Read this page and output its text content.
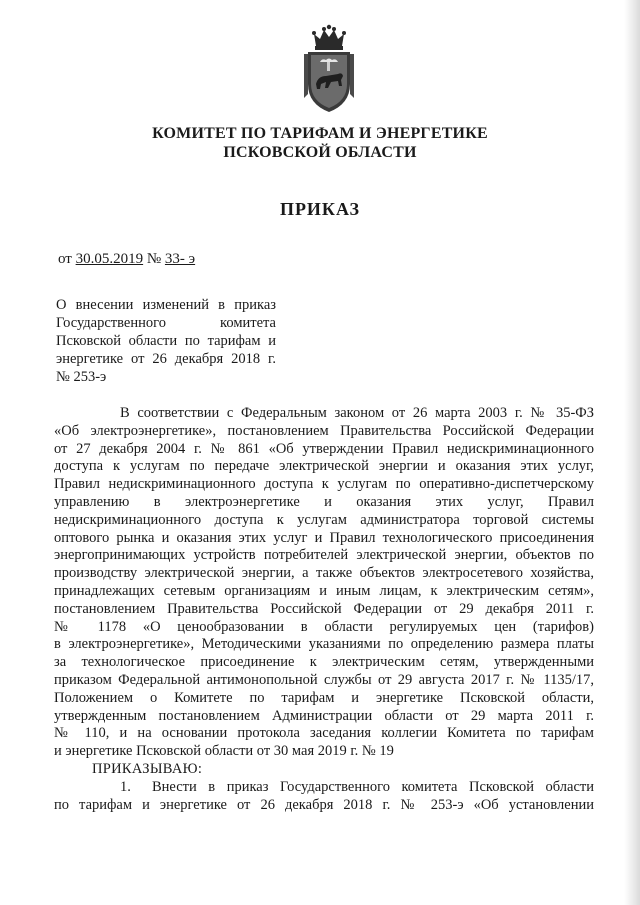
КОМИТЕТ ПО ТАРИФАМ И ЭНЕРГЕТИКЕ
ПСКОВСКОЙ ОБЛАСТИ
ПРИКАЗ
от 30.05.2019 № 33- э
О внесении изменений в приказ
Государственного комитета
Псковской области по тарифам и
энергетике от 26 декабря 2018 г.
№ 253-э
В соответствии с Федеральным законом от 26 марта 2003 г. № 35-ФЗ
«Об электроэнергетике», постановлением Правительства Российской Федерации
от 27 декабря 2004 г. № 861 «Об утверждении Правил недискриминационного
доступа к услугам по передаче электрической энергии и оказания этих услуг,
Правил недискриминационного доступа к услугам по оперативно-диспетчерскому
управлению в электроэнергетике и оказания этих услуг, Правил
недискриминационного доступа к услугам администратора торговой системы
оптового рынка и оказания этих услуг и Правил технологического присоединения
энергопринимающих устройств потребителей электрической энергии, объектов по
производству электрической энергии, а также объектов электросетевого хозяйства,
принадлежащих сетевым организациям и иным лицам, к электрическим сетям»,
постановлением Правительства Российской Федерации от 29 декабря 2011 г.
№ 1178 «О ценообразовании в области регулируемых цен (тарифов)
в электроэнергетике», Методическими указаниями по определению размера платы
за технологическое присоединение к электрическим сетям, утвержденными
приказом Федеральной антимонопольной службы от 29 августа 2017 г. № 1135/17,
Положением о Комитете по тарифам и энергетике Псковской области,
утвержденным постановлением Администрации области от 29 марта 2011 г.
№ 110, и на основании протокола заседания коллегии Комитета по тарифам
и энергетике Псковской области от 30 мая 2019 г. № 19
ПРИКАЗЫВАЮ:
1. Внести в приказ Государственного комитета Псковской области
по тарифам и энергетике от 26 декабря 2018 г. № 253-э «Об установлении
